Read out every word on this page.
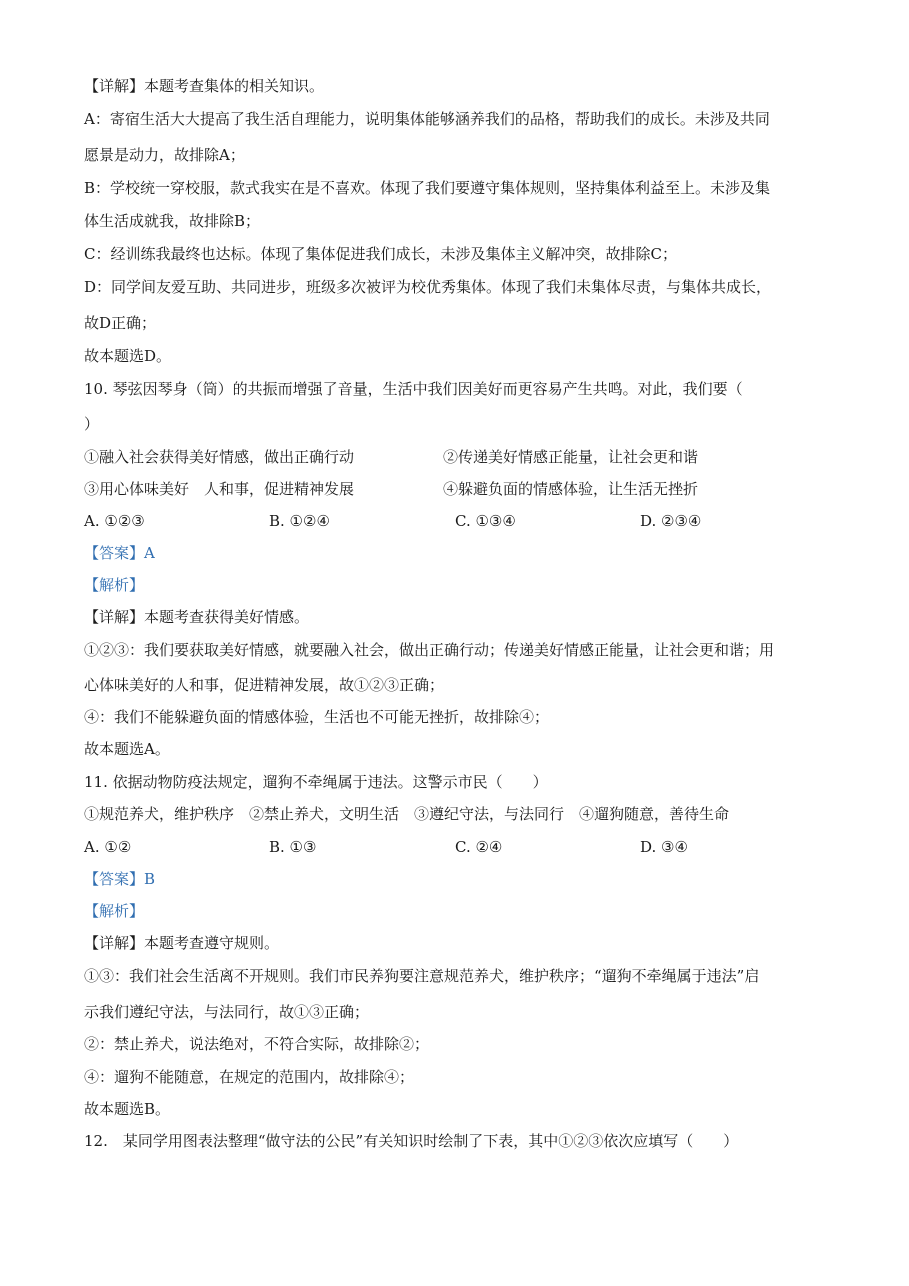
【详解】本题考查集体的相关知识。
A：寄宿生活大大提高了我生活自理能力，说明集体能够涵养我们的品格，帮助我们的成长。未涉及共同
愿景是动力，故排除A；
B：学校统一穿校服，款式我实在是不喜欢。体现了我们要遵守集体规则，坚持集体利益至上。未涉及集
体生活成就我，故排除B；
C：经训练我最终也达标。体现了集体促进我们成长，未涉及集体主义解冲突，故排除C；
D：同学间友爱互助、共同进步，班级多次被评为校优秀集体。体现了我们未集体尽责，与集体共成长，
故D正确；
故本题选D。
10. 琴弦因琴身（筒）的共振而增强了音量，生活中我们因美好而更容易产生共鸣。对此，我们要（
）
①融入社会获得美好情感，做出正确行动	②传递美好情感正能量，让社会更和谐
③用心体味美好　人和事，促进精神发展	④躲避负面的情感体验，让生活无挫折
A. ①②③	B. ①②④	C. ①③④	D. ②③④
【答案】A
【解析】
【详解】本题考查获得美好情感。
①②③：我们要获取美好情感，就要融入社会，做出正确行动；传递美好情感正能量，让社会更和谐；用
心体味美好的人和事，促进精神发展，故①②③正确；
④：我们不能躲避负面的情感体验，生活也不可能无挫折，故排除④；
故本题选A。
11. 依据动物防疫法规定，遛狗不牵绳属于违法。这警示市民（　　）
①规范养犬，维护秩序　②禁止养犬，文明生活　③遵纪守法，与法同行　④遛狗随意，善待生命
A. ①②	B. ①③	C. ②④	D. ③④
【答案】B
【解析】
【详解】本题考查遵守规则。
①③：我们社会生活离不开规则。我们市民养狗要注意规范养犬，维护秩序；“遛狗不牵绳属于违法”启
示我们遵纪守法，与法同行，故①③正确；
②：禁止养犬，说法绝对，不符合实际，故排除②；
④：遛狗不能随意，在规定的范围内，故排除④；
故本题选B。
12.　某同学用图表法整理“做守法的公民”有关知识时绘制了下表，其中①②③依次应填写（　　）
